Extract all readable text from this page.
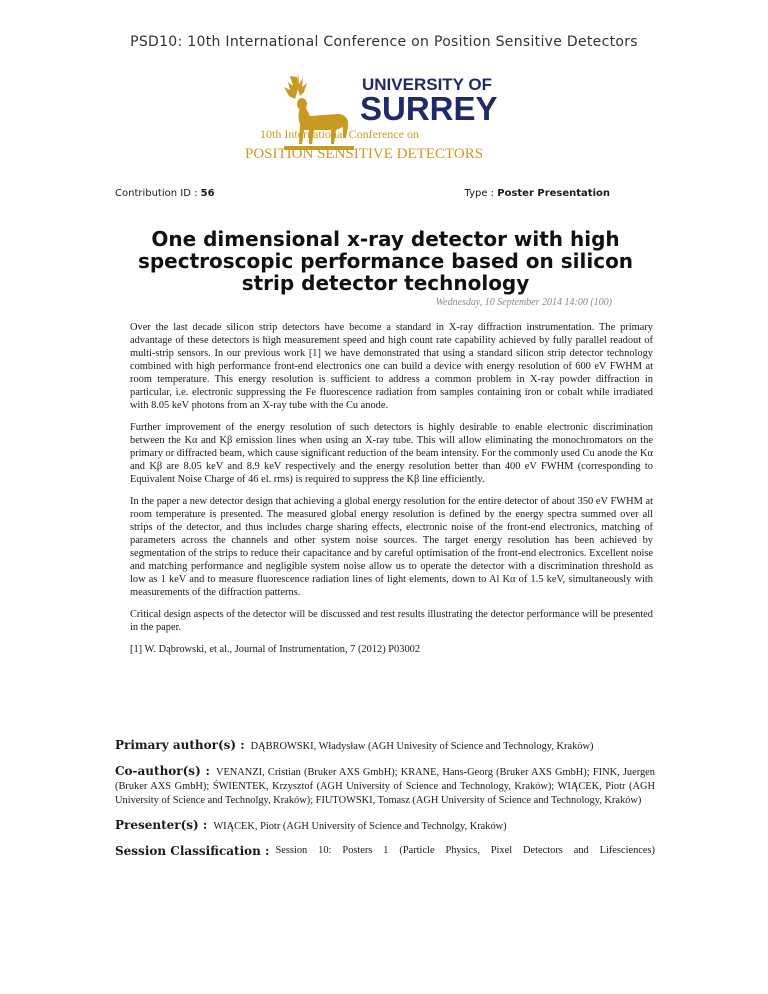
PSD10: 10th International Conference on Position Sensitive Detectors
UNIVERSITY OF
SURREY
10th International Conference on
POSITION SENSITIVE DETECTORS
Contribution ID : 56	Type : Poster Presentation
One dimensional x-ray detector with high spectroscopic performance based on silicon strip detector technology
Wednesday, 10 September 2014 14:00 (100)

Over the last decade silicon strip detectors have become a standard in X-ray diffraction instrumentation. The primary advantage of these detectors is high measurement speed and high count rate capability achieved by fully parallel readout of multi-strip sensors. In our previous work [1] we have demonstrated that using a standard silicon strip detector technology combined with high performance front-end electronics one can build a device with energy resolution of 600 eV FWHM at room temperature. This energy resolution is sufficient to address a common problem in X-ray powder diffraction in particular, i.e. electronic suppressing the Fe fluorescence radiation from samples containing iron or cobalt while irradiated with 8.05 keV photons from an X-ray tube with the Cu anode.

Further improvement of the energy resolution of such detectors is highly desirable to enable electronic discrimination between the Kα and Kβ emission lines when using an X-ray tube. This will allow eliminating the monochromators on the primary or diffracted beam, which cause significant reduction of the beam intensity. For the commonly used Cu anode the Kα and Kβ are 8.05 keV and 8.9 keV respectively and the energy resolution better than 400 eV FWHM (corresponding to Equivalent Noise Charge of 46 el. rms) is required to suppress the Kβ line efficiently.

In the paper a new detector design that achieving a global energy resolution for the entire detector of about 350 eV FWHM at room temperature is presented. The measured global energy resolution is defined by the energy spectra summed over all strips of the detector, and thus includes charge sharing effects, electronic noise of the front-end electronics, matching of parameters across the channels and other system noise sources. The target energy resolution has been achieved by segmentation of the strips to reduce their capacitance and by careful optimisation of the front-end electronics. Excellent noise and matching performance and negligible system noise allow us to operate the detector with a discrimination threshold as low as 1 keV and to measure fluorescence radiation lines of light elements, down to Al Kα of 1.5 keV, simultaneously with measurements of the diffraction patterns.

Critical design aspects of the detector will be discussed and test results illustrating the detector performance will be presented in the paper.

[1] W. Dąbrowski, et al., Journal of Instrumentation, 7 (2012) P03002

Primary author(s) : DĄBROWSKI, Władysław (AGH Univesity of Science and Technology, Kraków)
Co-author(s) : VENANZI, Cristian (Bruker AXS GmbH); KRANE, Hans-Georg (Bruker AXS GmbH); FINK, Juergen (Bruker AXS GmbH); ŚWIENTEK, Krzysztof (AGH University of Science and Technology, Kraków); WIĄCEK, Piotr (AGH University of Science and Technolgy, Kraków); FIUTOWSKI, Tomasz (AGH University of Science and Technology, Kraków)
Presenter(s) : WIĄCEK, Piotr (AGH University of Science and Technolgy, Kraków)
Session Classification : Session 10: Posters 1 (Particle Physics, Pixel Detectors and Lifesciences)
